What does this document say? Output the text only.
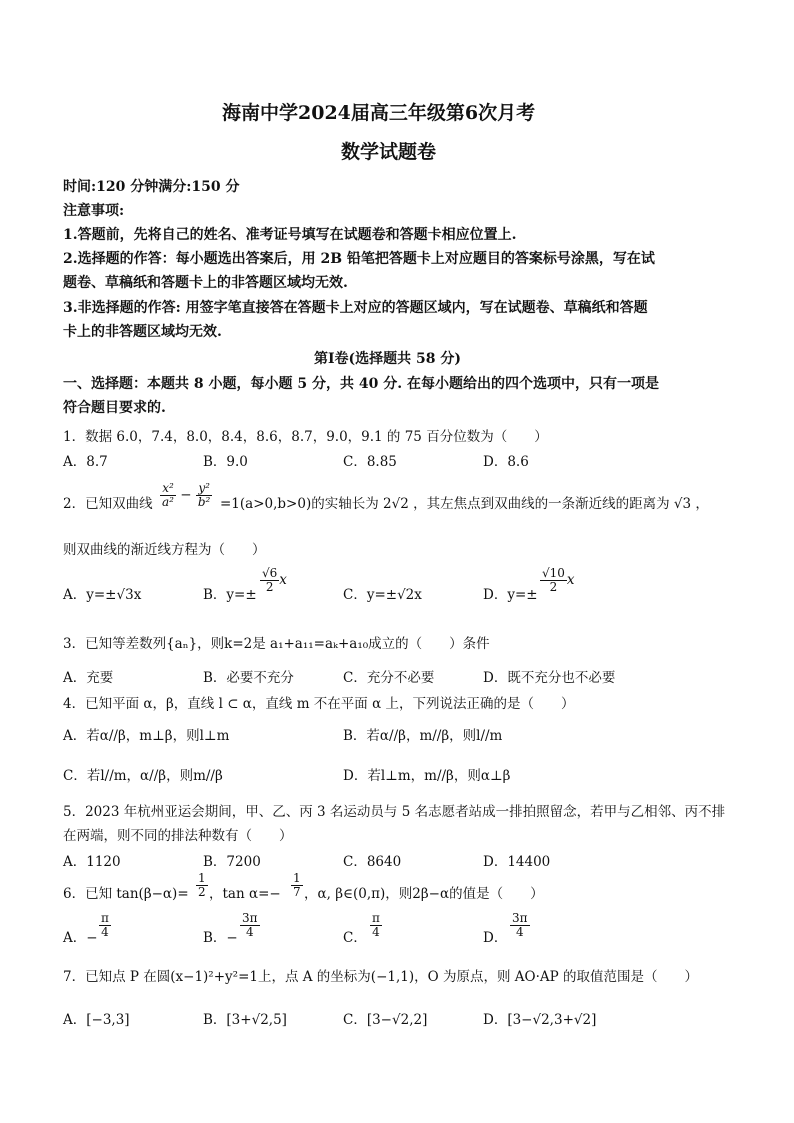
海南中学2024届高三年级第6次月考
数学试题卷
时间:120 分钟满分:150 分
注意事项:
1.答题前，先将自己的姓名、准考证号填写在试题卷和答题卡相应位置上.
2.选择题的作答：每小题选出答案后，用 2B 铅笔把答题卡上对应题目的答案标号涂黑，写在试
题卷、草稿纸和答题卡上的非答题区域均无效.
3.非选择题的作答: 用签字笔直接答在答题卡上对应的答题区域内，写在试题卷、草稿纸和答题
卡上的非答题区域均无效.
第Ⅰ卷(选择题共 58 分)
一、选择题：本题共 8 小题，每小题 5 分，共 40 分. 在每小题给出的四个选项中，只有一项是
符合题目要求的.
1．数据 6.0，7.4，8.0，8.4，8.6，8.7，9.0，9.1 的 75 百分位数为（　　）
A．8.7	B．9.0	C．8.85	D．8.6
2．已知双曲线 $\frac{\text{x²}}{\text{a²}} - \frac{\text{y²}}{\text{b²}} =1(a>0,b>0)$的实轴长为 2√2 ，其左焦点到双曲线的一条渐近线的距离为 √3 ，
则双曲线的渐近线方程为（　　）
A．y=±√3x	B．y=±
$\frac{√6}{2}$ x
C．y=±√2x	D．y=±
$\frac{√10}{2}$ x
3．已知等差数列{aₙ}，则k=2是 a₁+a₁₁=aₖ+a₁₀成立的（　　）条件
A．充要	B．必要不充分	C．充分不必要	D．既不充分也不必要
4．已知平面 α，β，直线 l ⊂ α，直线 m 不在平面 α 上，下列说法正确的是（　　）
A．若α//β，m⊥β，则l⊥m	B．若α//β，m//β，则l//m
C．若l//m，α//β，则m//β	D．若l⊥m，m//β，则α⊥β
5．2023 年杭州亚运会期间，甲、乙、丙 3 名运动员与 5 名志愿者站成一排拍照留念，若甲与乙相邻、丙不排
在两端，则不同的排法种数有（　　）
A．1120	B．7200	C．8640	D．14400
6．已知 $\tan(\beta-\alpha)= \frac{1}{2}$ ，$\tan \alpha=- \frac{1}{7}$ ，α, β∈(0,π)，则2β−α的值是（　　）
A．− $\frac{\pi}{4}$	B．− $\frac{3\pi}{4}$	C． $\frac{\pi}{4}$	D． $\frac{3\pi}{4}$
7．已知点 P 在圆(x−1)²+y²=1上，点 A 的坐标为(−1,1)，O 为原点，则 AO·AP 的取值范围是（　　）
A．[−3,3]	B．[3+√2,5]	C．[3−√2,2]	D．[3−√2,3+√2]
